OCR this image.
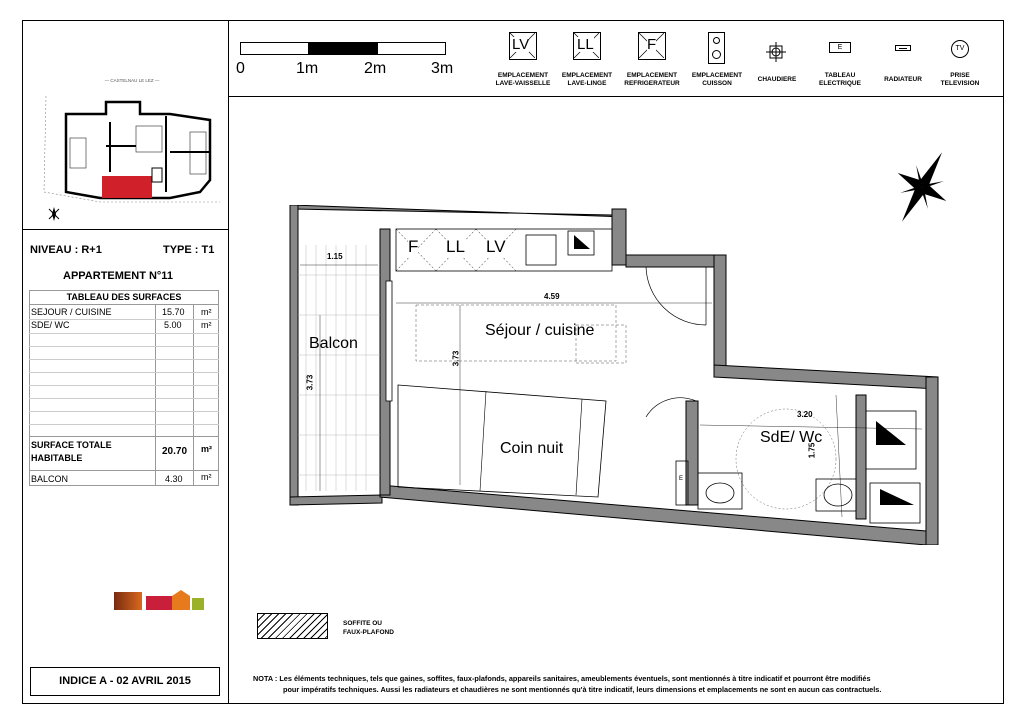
0	1m	2m	3m
LV
EMPLACEMENT
LAVE-VAISSELLE
LL
EMPLACEMENT
LAVE-LINGE
F
EMPLACEMENT
REFRIGERATEUR
EMPLACEMENT
CUISSON
CHAUDIERE
E
TABLEAU
ELECTRIQUE
RADIATEUR
TV
PRISE
TELEVISION
— CASTELNAU LE LEZ —
NIVEAU : R+1	TYPE : T1
APPARTEMENT N°11
TABLEAU DES SURFACES
SEJOUR / CUISINE	15.70 m²
SDE/ WC	5.00 m²
SURFACE TOTALE
HABITABLE
20.70 m²
BALCON	4.30 m²
INDICE A - 02 AVRIL 2015
SOFFITE OU
FAUX-PLAFOND
NOTA : Les éléments techniques, tels que gaines, soffites, faux-plafonds, appareils sanitaires, ameublements éventuels, sont mentionnés à titre indicatif et pourront être modifiés
pour impératifs techniques. Aussi les radiateurs et chaudières ne sont mentionnés qu'à titre indicatif, leurs dimensions et emplacements ne sont en aucun cas contractuels.
Balcon
Séjour / cuisine
Coin nuit
SdE/ Wc
F LL LV
E
1.15
3.73
4.59
3.73
3.20
1.75
